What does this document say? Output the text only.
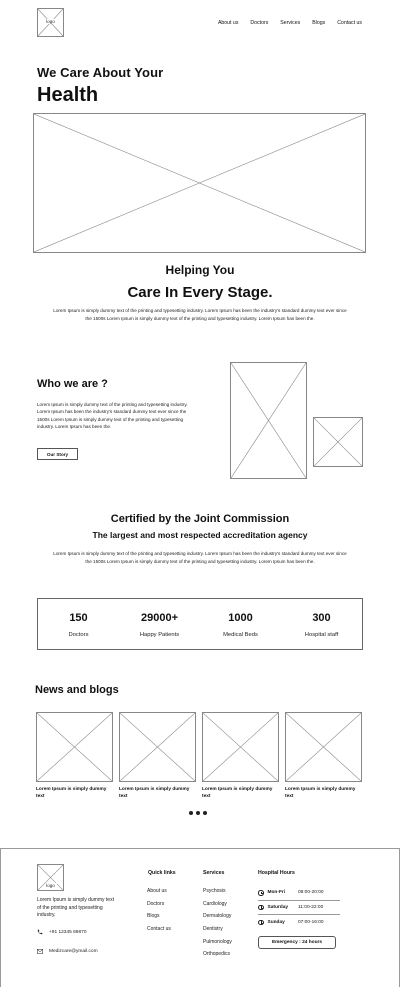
logo	About us Doctors Services Blogs Contact us
We Care About Your
Health
Helping You
Care In Every Stage.
Lorem Ipsum is simply dummy text of the printing and typesetting industry. Lorem Ipsum has been the industry's standard dummy text ever since the 1500s Lorem Ipsum is simply dummy text of the printing and typesetting industry. Lorem Ipsum has been the.
Who we are ?
Lorem Ipsum is simply dummy text of the printing and typesetting industry. Lorem Ipsum has been the industry's standard dummy text ever since the 1500s Lorem Ipsum is simply dummy text of the printing and typesetting industry. Lorem Ipsum has been the.
Our Story
Certified by the Joint Commission
The largest and most respected accreditation agency
Lorem Ipsum is simply dummy text of the printing and typesetting industry. Lorem Ipsum has been the industry's standard dummy text ever since the 1500s Lorem Ipsum is simply dummy text of the printing and typesetting industry. Lorem Ipsum has been the.
150
Doctors
29000+
Happy Patients
1000
Medical Beds
300
Hospital staff
News and blogs
Lorem Ipsum is simply dummy text
Lorem Ipsum is simply dummy text
Lorem Ipsum is simply dummy text
Lorem Ipsum is simply dummy text
logo
Lorem Ipsum is simply dummy text of the printing and typesetting industry.
+91 12345 69870
Medizcare@ymail.com
Quick links
About us
Doctors
Blogs
Contact us
Services
Psychosis
Cardiology
Dermatology
Dentistry
Pulmonology
Orthopedics
Hospital Hours
Mon-Fri	08:00-20:00
Saturday 11:00-22:00
Sunday	07:00-16:00
Emergency : 24 hours
